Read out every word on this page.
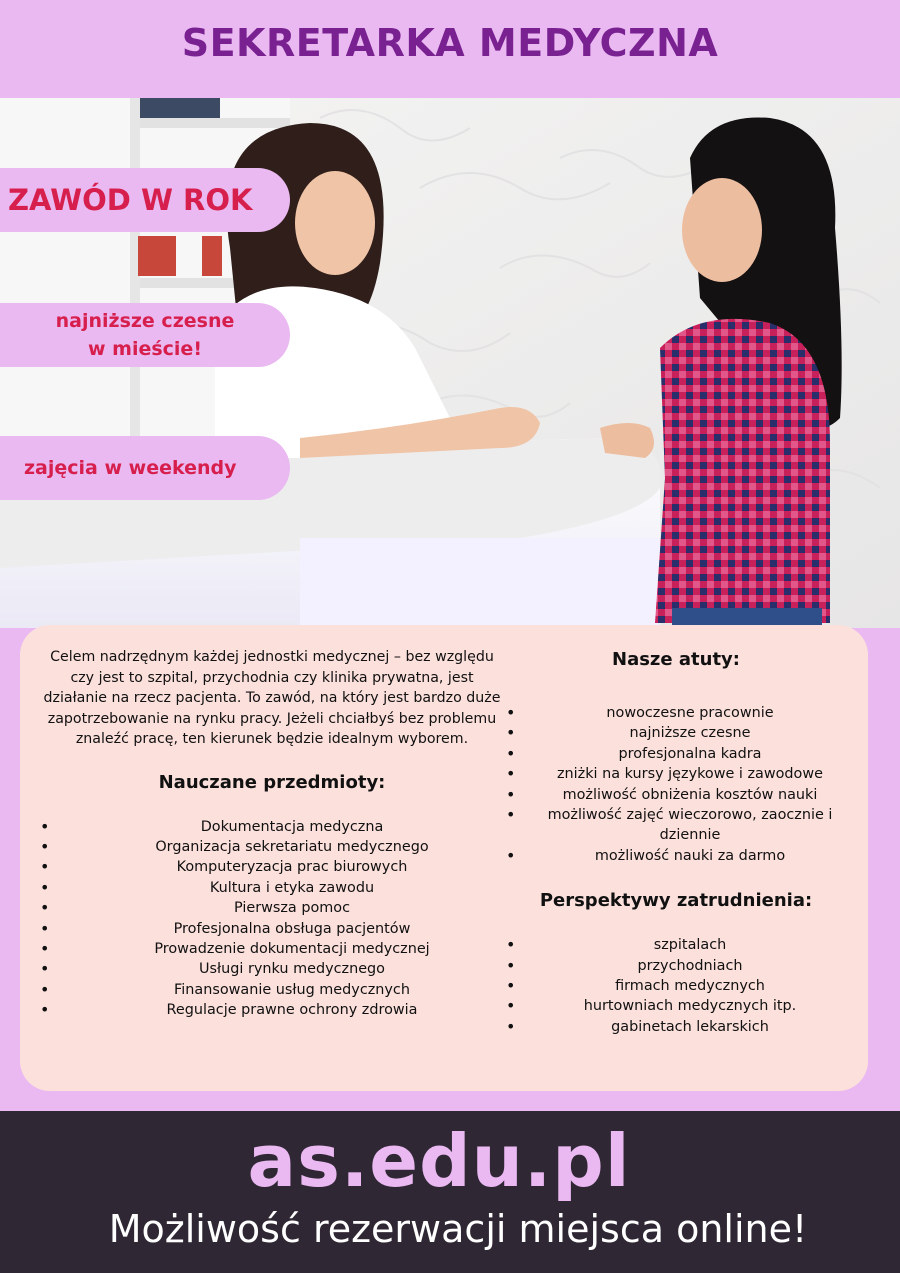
SEKRETARKA MEDYCZNA
ZAWÓD W ROK
najniższe czesne
w mieście!
zajęcia w weekendy

Celem nadrzędnym każdej jednostki medycznej – bez względu czy jest to szpital, przychodnia czy klinika prywatna, jest działanie na rzecz pacjenta. To zawód, na który jest bardzo duże zapotrzebowanie na rynku pracy. Jeżeli chciałbyś bez problemu znaleźć pracę, ten kierunek będzie idealnym wyborem.

Nauczane przedmioty:
• Dokumentacja medyczna
• Organizacja sekretariatu medycznego
• Komputeryzacja prac biurowych
• Kultura i etyka zawodu
• Pierwsza pomoc
• Profesjonalna obsługa pacjentów
• Prowadzenie dokumentacji medycznej
• Usługi rynku medycznego
• Finansowanie usług medycznych
• Regulacje prawne ochrony zdrowia
Nasze atuty:
• nowoczesne pracownie
• najniższe czesne
• profesjonalna kadra
• zniżki na kursy językowe i zawodowe
• możliwość obniżenia kosztów nauki
• możliwość zajęć wieczorowo, zaocznie i dziennie
• możliwość nauki za darmo
Perspektywy zatrudnienia:
• szpitalach
• przychodniach
• firmach medycznych
• hurtowniach medycznych itp.
• gabinetach lekarskich
as.edu.pl
Możliwość rezerwacji miejsca online!
